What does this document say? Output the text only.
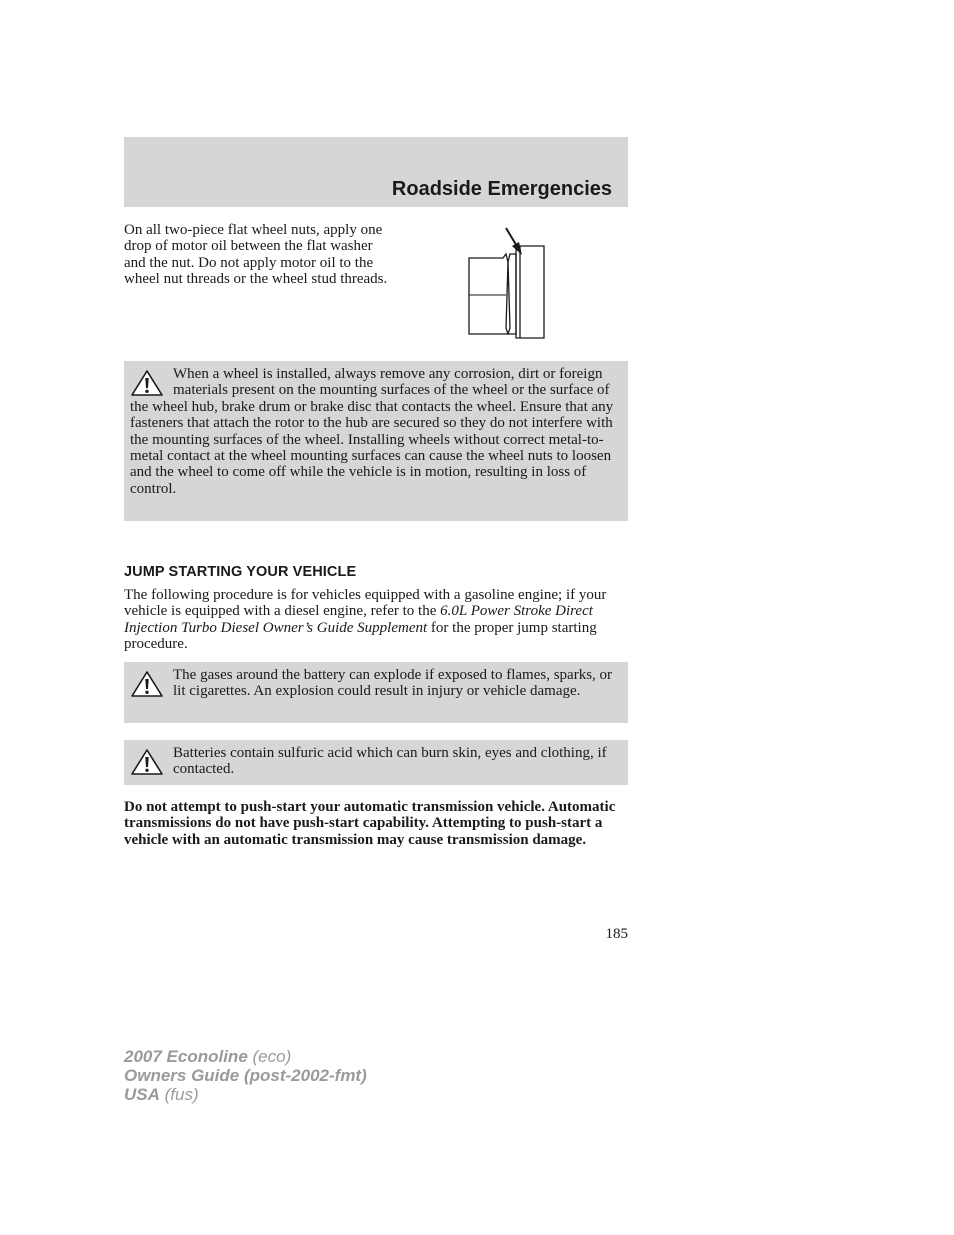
Roadside Emergencies

On all two-piece flat wheel nuts, apply one drop of motor oil between the flat washer and the nut. Do not apply motor oil to the wheel nut threads or the wheel stud threads.

When a wheel is installed, always remove any corrosion, dirt or foreign materials present on the mounting surfaces of the wheel or the surface of the wheel hub, brake drum or brake disc that contacts the wheel. Ensure that any fasteners that attach the rotor to the hub are secured so they do not interfere with the mounting surfaces of the wheel. Installing wheels without correct metal-to-metal contact at the wheel mounting surfaces can cause the wheel nuts to loosen and the wheel to come off while the vehicle is in motion, resulting in loss of control.

JUMP STARTING YOUR VEHICLE

The following procedure is for vehicles equipped with a gasoline engine; if your vehicle is equipped with a diesel engine, refer to the 6.0L Power Stroke Direct Injection Turbo Diesel Owner’s Guide Supplement for the proper jump starting procedure.

The gases around the battery can explode if exposed to flames, sparks, or lit cigarettes. An explosion could result in injury or vehicle damage.

Batteries contain sulfuric acid which can burn skin, eyes and clothing, if contacted.

Do not attempt to push-start your automatic transmission vehicle. Automatic transmissions do not have push-start capability. Attempting to push-start a vehicle with an automatic transmission may cause transmission damage.

185

2007 Econoline (eco)
Owners Guide (post-2002-fmt)
USA (fus)
